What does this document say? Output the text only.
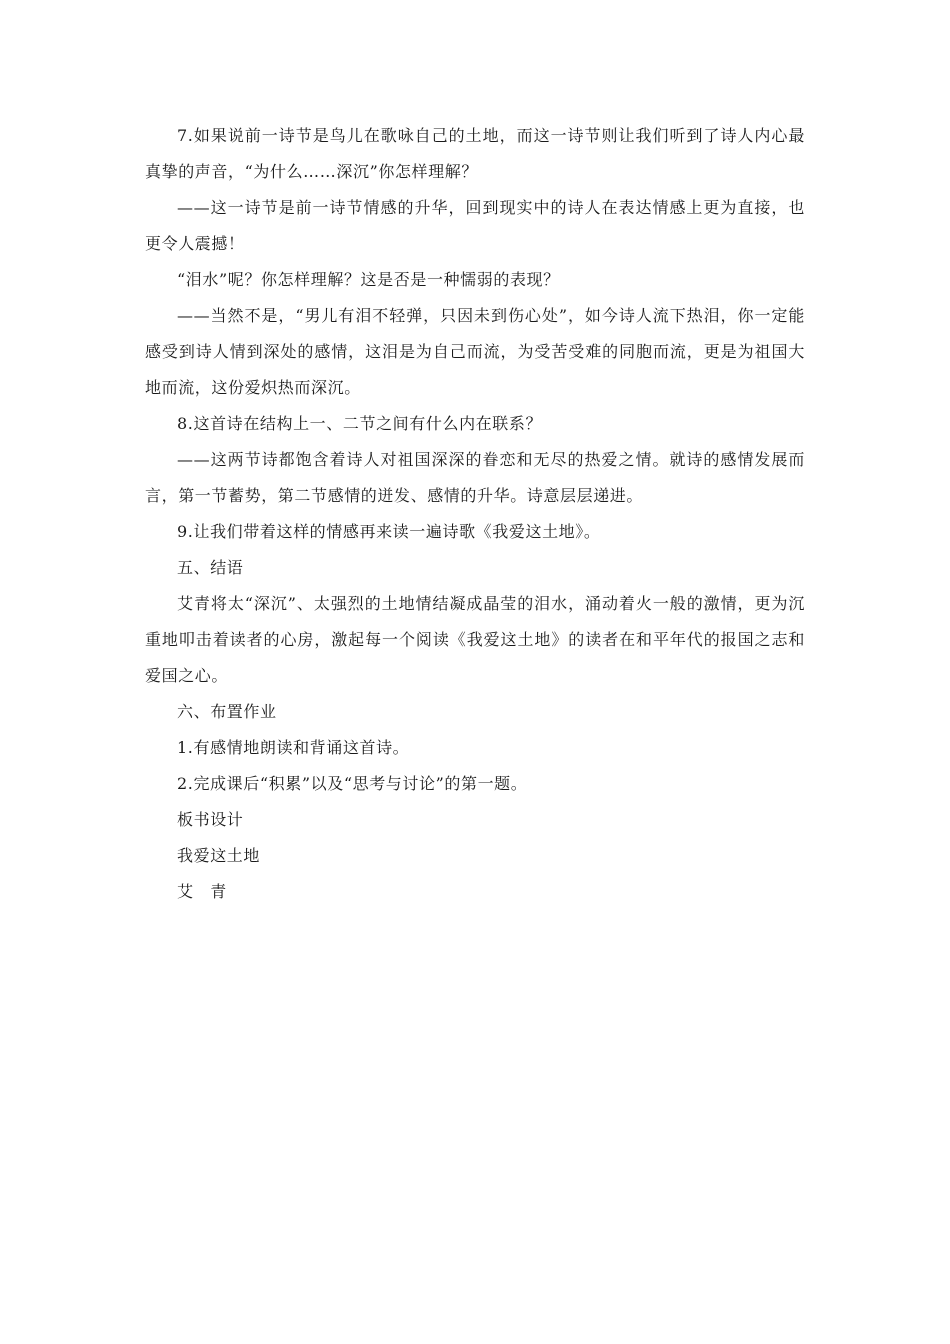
7.如果说前一诗节是鸟儿在歌咏自己的土地，而这一诗节则让我们听到了诗人内心最真挚的声音，“为什么……深沉”你怎样理解？

——这一诗节是前一诗节情感的升华，回到现实中的诗人在表达情感上更为直接，也更令人震撼！

“泪水”呢？你怎样理解？这是否是一种懦弱的表现？

——当然不是，“男儿有泪不轻弹，只因未到伤心处”，如今诗人流下热泪，你一定能感受到诗人情到深处的感情，这泪是为自己而流，为受苦受难的同胞而流，更是为祖国大地而流，这份爱炽热而深沉。

8.这首诗在结构上一、二节之间有什么内在联系？

——这两节诗都饱含着诗人对祖国深深的眷恋和无尽的热爱之情。就诗的感情发展而言，第一节蓄势，第二节感情的迸发、感情的升华。诗意层层递进。

9.让我们带着这样的情感再来读一遍诗歌《我爱这土地》。

五、结语

艾青将太“深沉”、太强烈的土地情结凝成晶莹的泪水，涌动着火一般的激情，更为沉重地叩击着读者的心房，激起每一个阅读《我爱这土地》的读者在和平年代的报国之志和爱国之心。

六、布置作业

1.有感情地朗读和背诵这首诗。

2.完成课后“积累”以及“思考与讨论”的第一题。

板书设计

我爱这土地

艾　青
